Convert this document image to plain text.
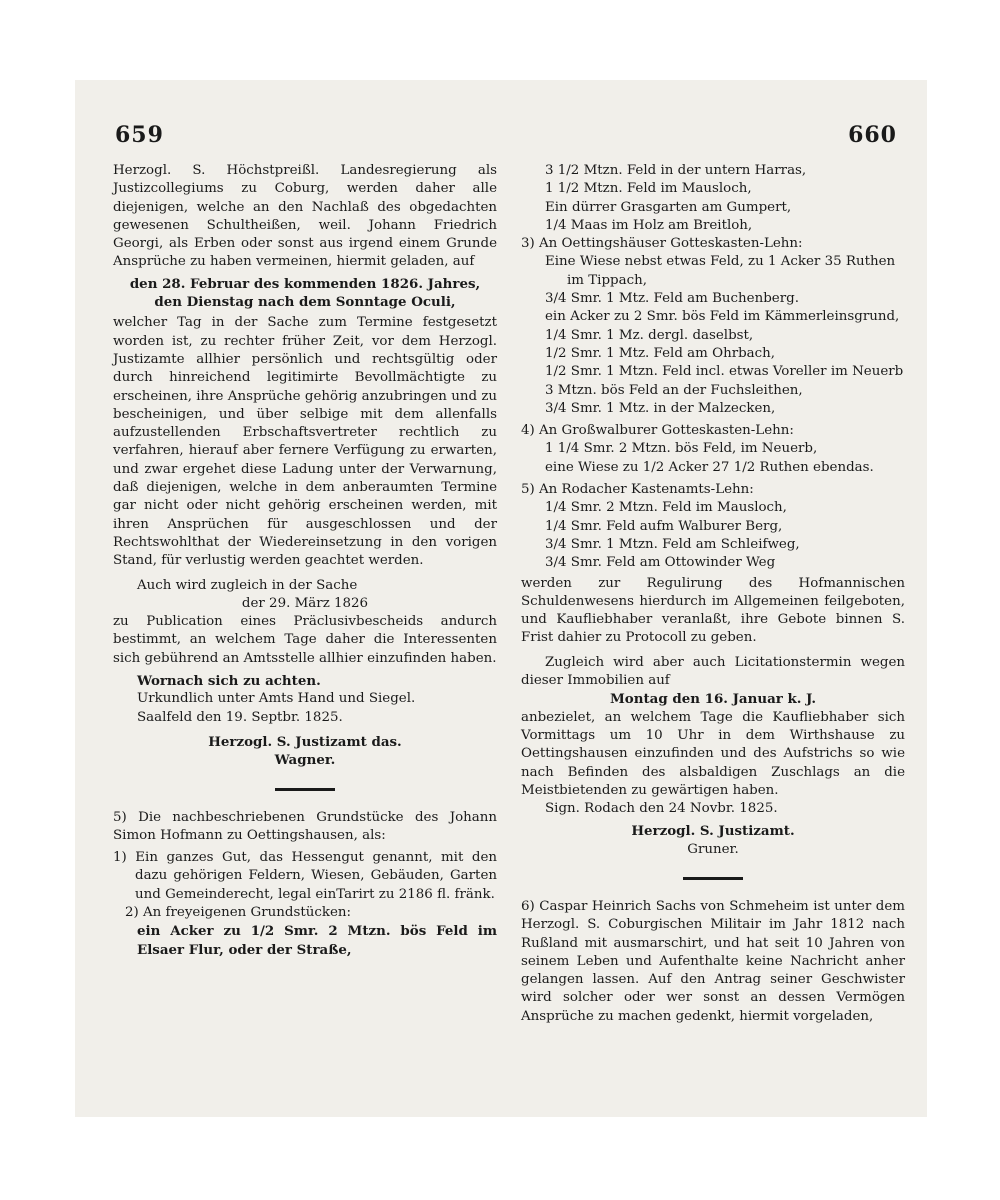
659	660

Herzogl. S. Höchstpreißl. Landesregierung als Justizcollegiums zu Coburg, werden daher alle diejenigen, welche an den Nachlaß des obgedachten gewesenen Schultheißen, weil. Johann Friedrich Georgi, als Erben oder sonst aus irgend einem Grunde Ansprüche zu haben vermeinen, hiermit geladen, auf

den 28. Februar des kommenden 1826. Jahres,

den Dienstag nach dem Sonntage Oculi,

welcher Tag in der Sache zum Termine festgesetzt worden ist, zu rechter früher Zeit, vor dem Herzogl. Justizamte allhier persönlich und rechtsgültig oder durch hinreichend legitimirte Bevollmächtigte zu erscheinen, ihre Ansprüche gehörig anzubringen und zu bescheinigen, und über selbige mit dem allenfalls aufzustellenden Erbschaftsvertreter rechtlich zu verfahren, hierauf aber fernere Verfügung zu erwarten, und zwar ergehet diese Ladung unter der Verwarnung, daß diejenigen, welche in dem anberaumten Termine gar nicht oder nicht gehörig erscheinen werden, mit ihren Ansprüchen für ausgeschlossen und der Rechtswohlthat der Wiedereinsetzung in den vorigen Stand, für verlustig werden geachtet werden.

Auch wird zugleich in der Sache

der 29. März 1826

zu Publication eines Präclusivbescheids andurch bestimmt, an welchem Tage daher die Interessenten sich gebührend an Amtsstelle allhier einzufinden haben.

Wornach sich zu achten.

Urkundlich unter Amts Hand und Siegel.

Saalfeld den 19. Septbr. 1825.

Herzogl. S. Justizamt das.

Wagner.

5) Die nachbeschriebenen Grundstücke des Johann Simon Hofmann zu Oettingshausen, als:

1) Ein ganzes Gut, das Hessengut genannt, mit den dazu gehörigen Feldern, Wiesen, Gebäuden, Garten und Gemeinderecht, legal einTarirt zu 2186 fl. fränk.

2) An freyeigenen Grundstücken:

ein Acker zu 1/2 Smr. 2 Mtzn. bös Feld im Elsaer Flur, oder der Straße,

3 1/2 Mtzn. Feld in der untern Harras,

1 1/2 Mtzn. Feld im Mausloch,

Ein dürrer Grasgarten am Gumpert,

1/4 Maas im Holz am Breitloh,

3) An Oettingshäuser Gotteskasten-Lehn:

Eine Wiese nebst etwas Feld, zu 1 Acker 35 Ruthen im Tippach,

3/4 Smr. 1 Mtz. Feld am Buchenberg.

ein Acker zu 2 Smr. bös Feld im Kämmerleinsgrund,

1/4 Smr. 1 Mz. dergl. daselbst,

1/2 Smr. 1 Mtz. Feld am Ohrbach,

1/2 Smr. 1 Mtzn. Feld incl. etwas Voreller im Neuerb

3 Mtzn. bös Feld an der Fuchsleithen,

3/4 Smr. 1 Mtz. in der Malzecken,

4) An Großwalburer Gotteskasten-Lehn:

1 1/4 Smr. 2 Mtzn. bös Feld, im Neuerb,

eine Wiese zu 1/2 Acker 27 1/2 Ruthen ebendas.

5) An Rodacher Kastenamts-Lehn:

1/4 Smr. 2 Mtzn. Feld im Mausloch,

1/4 Smr. Feld aufm Walburer Berg,

3/4 Smr. 1 Mtzn. Feld am Schleifweg,

3/4 Smr. Feld am Ottowinder Weg

werden zur Regulirung des Hofmannischen Schuldenwesens hierdurch im Allgemeinen feilgeboten, und Kaufliebhaber veranlaßt, ihre Gebote binnen S. Frist dahier zu Protocoll zu geben.

Zugleich wird aber auch Licitationstermin wegen dieser Immobilien auf

Montag den 16. Januar k. J.

anbezielet, an welchem Tage die Kaufliebhaber sich Vormittags um 10 Uhr in dem Wirthshause zu Oettingshausen einzufinden und des Aufstrichs so wie nach Befinden des alsbaldigen Zuschlags an die Meistbietenden zu gewärtigen haben.

Sign. Rodach den 24 Novbr. 1825.

Herzogl. S. Justizamt.

Gruner.

6) Caspar Heinrich Sachs von Schmeheim ist unter dem Herzogl. S. Coburgischen Militair im Jahr 1812 nach Rußland mit ausmarschirt, und hat seit 10 Jahren von seinem Leben und Aufenthalte keine Nachricht anher gelangen lassen. Auf den Antrag seiner Geschwister wird solcher oder wer sonst an dessen Vermögen Ansprüche zu machen gedenkt, hiermit vorgeladen,
